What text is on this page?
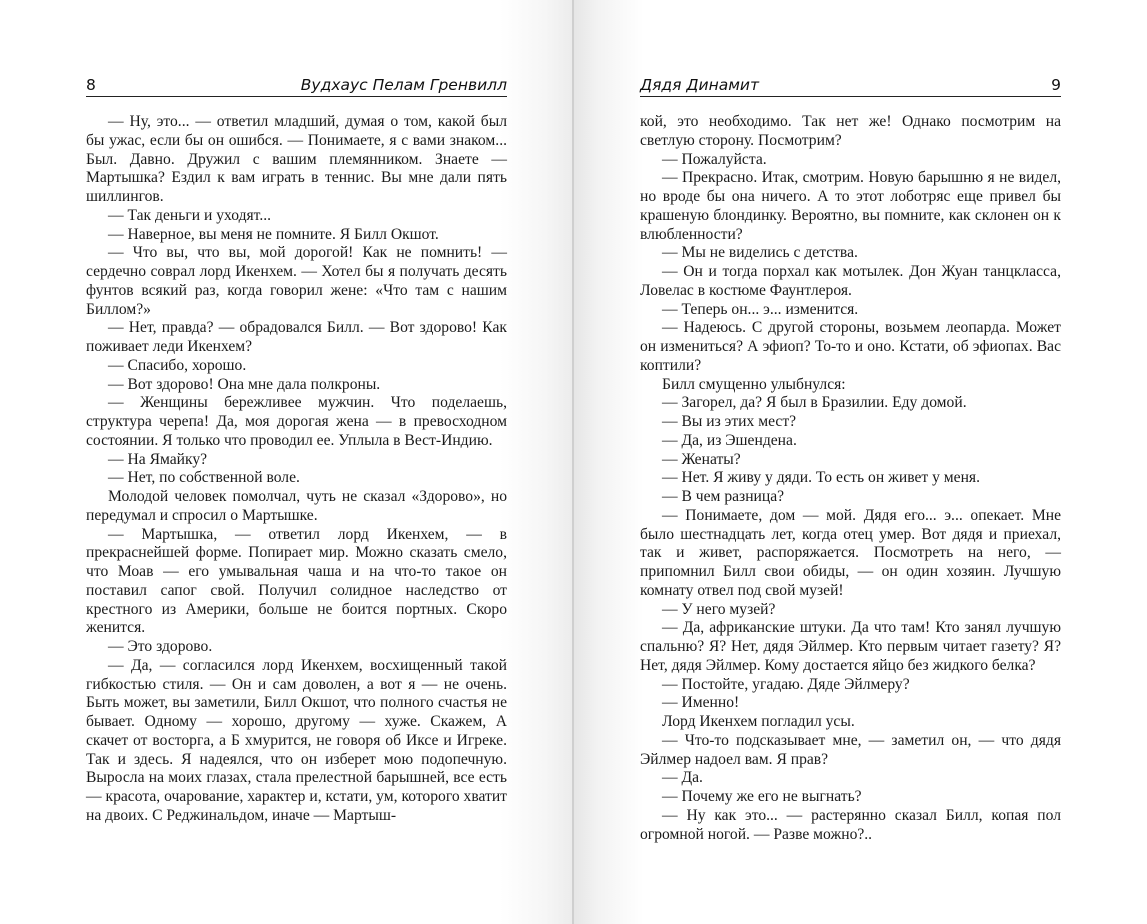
8	Вудхаус Пелам Гренвилл

— Ну, это... — ответил младший, думая о том, какой был бы ужас, если бы он ошибся. — Понимаете, я с вами знаком... Был. Давно. Дружил с вашим племянником. Знаете — Мартышка? Ездил к вам играть в теннис. Вы мне дали пять шиллингов.

— Так деньги и уходят...

— Наверное, вы меня не помните. Я Билл Окшот.

— Что вы, что вы, мой дорогой! Как не помнить! — сердечно соврал лорд Икенхем. — Хотел бы я получать десять фунтов всякий раз, когда говорил жене: «Что там с нашим Биллом?»

— Нет, правда? — обрадовался Билл. — Вот здорово! Как поживает леди Икенхем?

— Спасибо, хорошо.

— Вот здорово! Она мне дала полкроны.

— Женщины бережливее мужчин. Что поделаешь, структура черепа! Да, моя дорогая жена — в превосходном состоянии. Я только что проводил ее. Уплыла в Вест-Индию.

— На Ямайку?

— Нет, по собственной воле.

Молодой человек помолчал, чуть не сказал «Здорово», но передумал и спросил о Мартышке.

— Мартышка, — ответил лорд Икенхем, — в прекраснейшей форме. Попирает мир. Можно сказать смело, что Моав — его умывальная чаша и на что-то такое он поставил сапог свой. Получил солидное наследство от крестного из Америки, больше не боится портных. Скоро женится.

— Это здорово.

— Да, — согласился лорд Икенхем, восхищенный такой гибкостью стиля. — Он и сам доволен, а вот я — не очень. Быть может, вы заметили, Билл Окшот, что полного счастья не бывает. Одному — хорошо, другому — хуже. Скажем, А скачет от восторга, а Б хмурится, не говоря об Иксе и Игреке. Так и здесь. Я надеялся, что он изберет мою подопечную. Выросла на моих глазах, стала прелестной барышней, все есть — красота, очарование, характер и, кстати, ум, которого хватит на двоих. С Реджинальдом, иначе — Мартыш-

Дядя Динамит	9

кой, это необходимо. Так нет же! Однако посмотрим на светлую сторону. Посмотрим?

— Пожалуйста.

— Прекрасно. Итак, смотрим. Новую барышню я не видел, но вроде бы она ничего. А то этот лоботряс еще привел бы крашеную блондинку. Вероятно, вы помните, как склонен он к влюбленности?

— Мы не виделись с детства.

— Он и тогда порхал как мотылек. Дон Жуан танцкласса, Ловелас в костюме Фаунтлероя.

— Теперь он... э... изменится.

— Надеюсь. С другой стороны, возьмем леопарда. Может он измениться? А эфиоп? То-то и оно. Кстати, об эфиопах. Вас коптили?

Билл смущенно улыбнулся:

— Загорел, да? Я был в Бразилии. Еду домой.

— Вы из этих мест?

— Да, из Эшендена.

— Женаты?

— Нет. Я живу у дяди. То есть он живет у меня.

— В чем разница?

— Понимаете, дом — мой. Дядя его... э... опекает. Мне было шестнадцать лет, когда отец умер. Вот дядя и приехал, так и живет, распоряжается. Посмотреть на него, — припомнил Билл свои обиды, — он один хозяин. Лучшую комнату отвел под свой музей!

— У него музей?

— Да, африканские штуки. Да что там! Кто занял лучшую спальню? Я? Нет, дядя Эйлмер. Кто первым читает газету? Я? Нет, дядя Эйлмер. Кому достается яйцо без жидкого белка?

— Постойте, угадаю. Дяде Эйлмеру?

— Именно!

Лорд Икенхем погладил усы.

— Что-то подсказывает мне, — заметил он, — что дядя Эйлмер надоел вам. Я прав?

— Да.

— Почему же его не выгнать?

— Ну как это... — растерянно сказал Билл, копая пол огромной ногой. — Разве можно?..
